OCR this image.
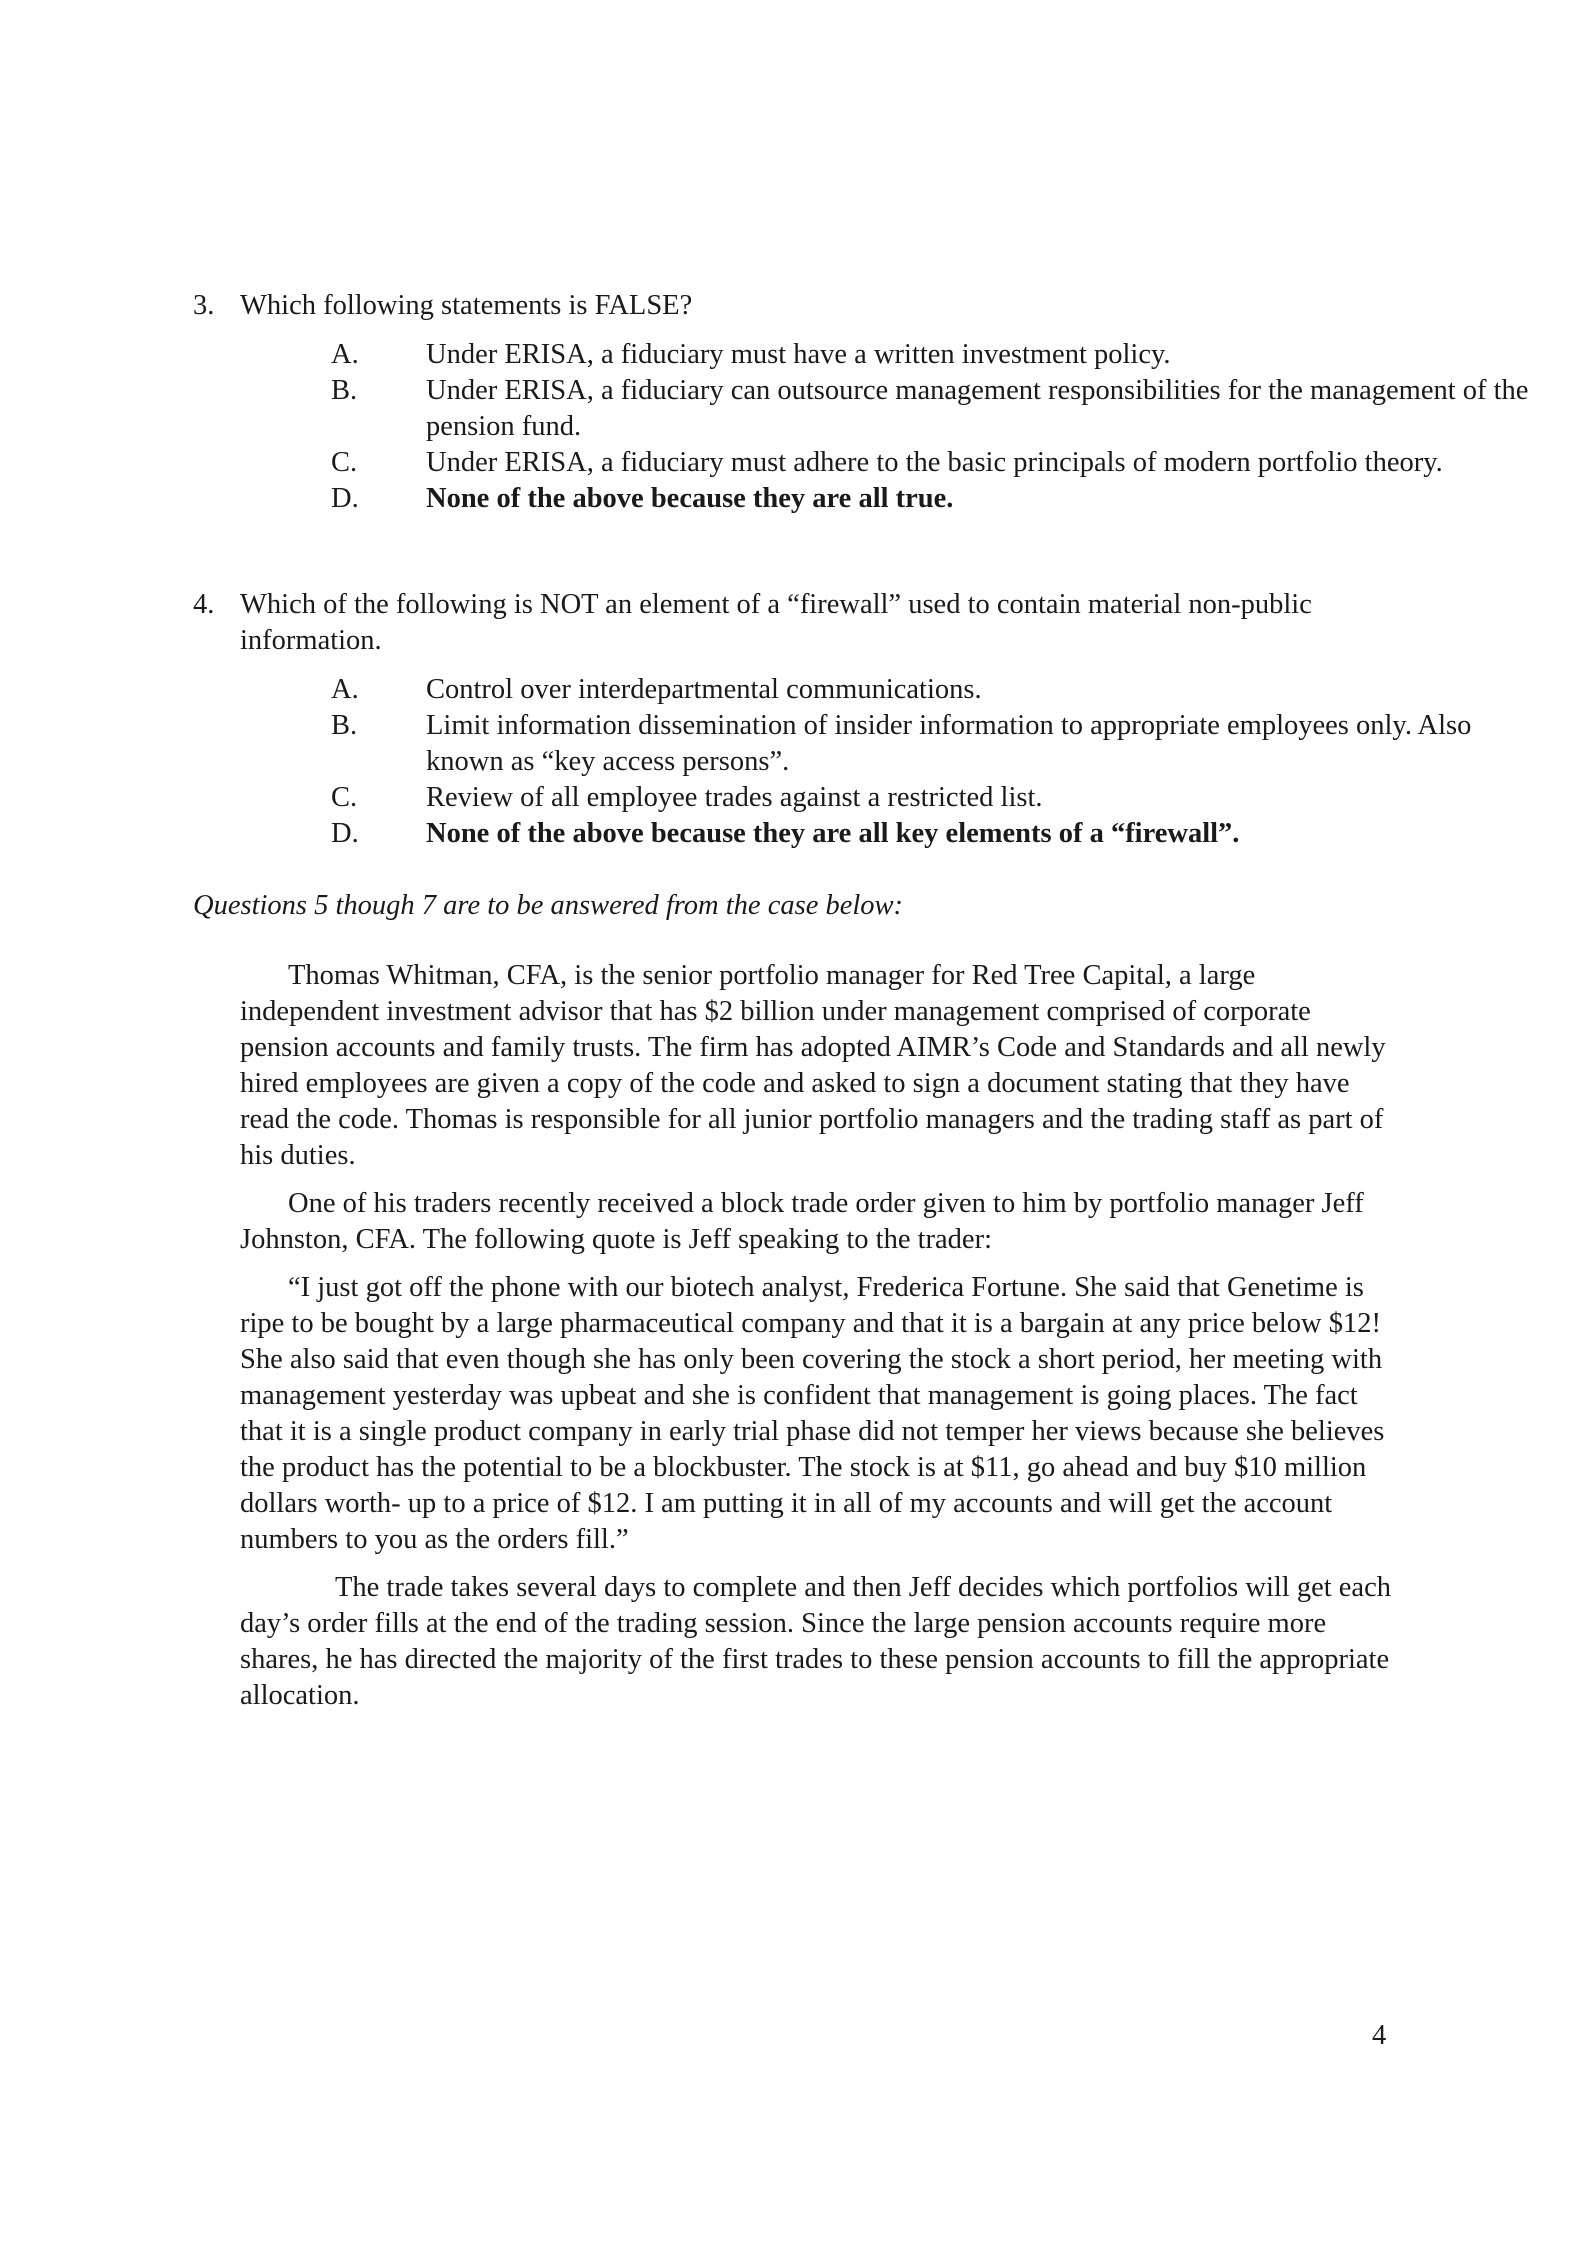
3. Which following statements is FALSE?
A. Under ERISA, a fiduciary must have a written investment policy.
B. Under ERISA, a fiduciary can outsource management responsibilities for the management of the pension fund.
C. Under ERISA, a fiduciary must adhere to the basic principals of modern portfolio theory.
D. None of the above because they are all true.
4. Which of the following is NOT an element of a “firewall” used to contain material non-public information.
A. Control over interdepartmental communications.
B. Limit information dissemination of insider information to appropriate employees only. Also known as “key access persons”.
C. Review of all employee trades against a restricted list.
D. None of the above because they are all key elements of a “firewall”.
Questions 5 though 7 are to be answered from the case below:

Thomas Whitman, CFA, is the senior portfolio manager for Red Tree Capital, a large independent investment advisor that has $2 billion under management comprised of corporate pension accounts and family trusts. The firm has adopted AIMR’s Code and Standards and all newly hired employees are given a copy of the code and asked to sign a document stating that they have read the code. Thomas is responsible for all junior portfolio managers and the trading staff as part of his duties.

One of his traders recently received a block trade order given to him by portfolio manager Jeff Johnston, CFA. The following quote is Jeff speaking to the trader:

“I just got off the phone with our biotech analyst, Frederica Fortune. She said that Genetime is ripe to be bought by a large pharmaceutical company and that it is a bargain at any price below $12! She also said that even though she has only been covering the stock a short period, her meeting with management yesterday was upbeat and she is confident that management is going places. The fact that it is a single product company in early trial phase did not temper her views because she believes the product has the potential to be a blockbuster. The stock is at $11, go ahead and buy $10 million dollars worth- up to a price of $12. I am putting it in all of my accounts and will get the account numbers to you as the orders fill.”

The trade takes several days to complete and then Jeff decides which portfolios will get each day’s order fills at the end of the trading session. Since the large pension accounts require more shares, he has directed the majority of the first trades to these pension accounts to fill the appropriate allocation.

4
